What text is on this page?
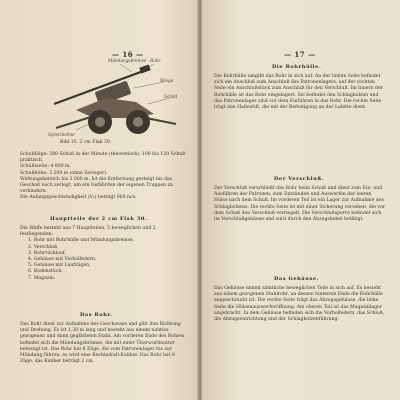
— 16 —
Mündungsbremse Rohr
Wiege
Schild
Spreizholme
Bild 15. 2 cm Flak 30.

Schußfolge: 280 Schuß in der Minute (theoretisch), 100 bis 120 Schuß praktisch.

Schußweite: 4 800 m.

Schußhöhe: 3 200 m (ohne Zerleger).

Wirkungsbereich bis 2 000 m. Ist die Entfernung gesteigt bis das Geschoß noch zerlegt, um ein Gefährden der eigenen Truppen zu verhindern.

Die Anfangsgeschwindigkeit (V₀) beträgt 900 m/s.

Hauptteile der 2 cm Flak 30.

Die Waffe besteht aus 7 Hauptteilen, 5 beweglichen und 2 festliegenden:

1. Rohr mit Rohrhülle und Mündungsbremse,
2. Verschluß,
3. Rohrrücklauf,
4. Gehäuse mit Vorholfedern,
5. Gehäuse mit Laufzügen,
6. Bodenstück,
7. Magazin.
Das Rohr.
Das Rohr dient zur Aufnahme des Geschosses und gibt ihm Richtung und Drehung. Es ist 1,30 m lang und besteht aus einem nahtlos gezogenen und dann geglätteten Stahl. Am vorderen Ende des Rohres befindet sich die Mündungsbremse, die mit einer Überwurfmutter befestigt ist. Das Rohr hat 8 Züge, die vom Patronenlager bis zur Mündung führen; es wird eine Rechtsdrall-Kaliber. Das Rohr hat 8 Züge, das Kaliber beträgt 2 cm.
— 17 —
Die Rohrhülle.
Die Rohrhülle umgibt das Rohr in sich auf. An der linken Seite befindet sich ein Anschluß zum Anschluß des Patronenlagers, auf der rechten Seite ein Anschlußstück zum Anschluß für den Verschluß. Im Innern der Rohrhülle ist das Rohr eingelagert. Sie befindet den Schlagbolzen und das Patronenlager sind vor dem Einführen in das Rohr. Die rechte Seite trägt den Haltestift, die mit der Befestigung an der Lafette dient.
Der Verschluß.
Der Verschluß verschließt das Rohr beim Schuß und dient zum Ein- und Ausführen der Patronen, zum Entzünden und Auswerfen der leeren Hülse nach dem Schuß. Im vorderen Teil ist ein Lager zur Aufnahme des Schlagbolzens. Die rechte Seite ist mit einer Sicherung versehen, die vor dem Schuß den Verschluß verriegelt. Die Verschlußsperre befindet sich im Verschlußgehäuse und wird durch den Abzugshebel betätigt.
Das Gehäuse.
Das Gehäuse nimmt sämtliche beweglichen Teile in sich auf. Es besteht aus einem gezogenen Stahlrohr, an dessen hinterem Ende die Rohrhülle eingeschraubt ist. Die rechte Seite trägt das Abzugsgehäuse, die linke Seite die Hülsenauswerferöffnung. Am oberen Teil ist das Magazinlager angebracht. In dem Gehäuse befinden sich die Vorholfedern, das Schloß, die Abzugseinrichtung und der Schlagbolzenführung.
